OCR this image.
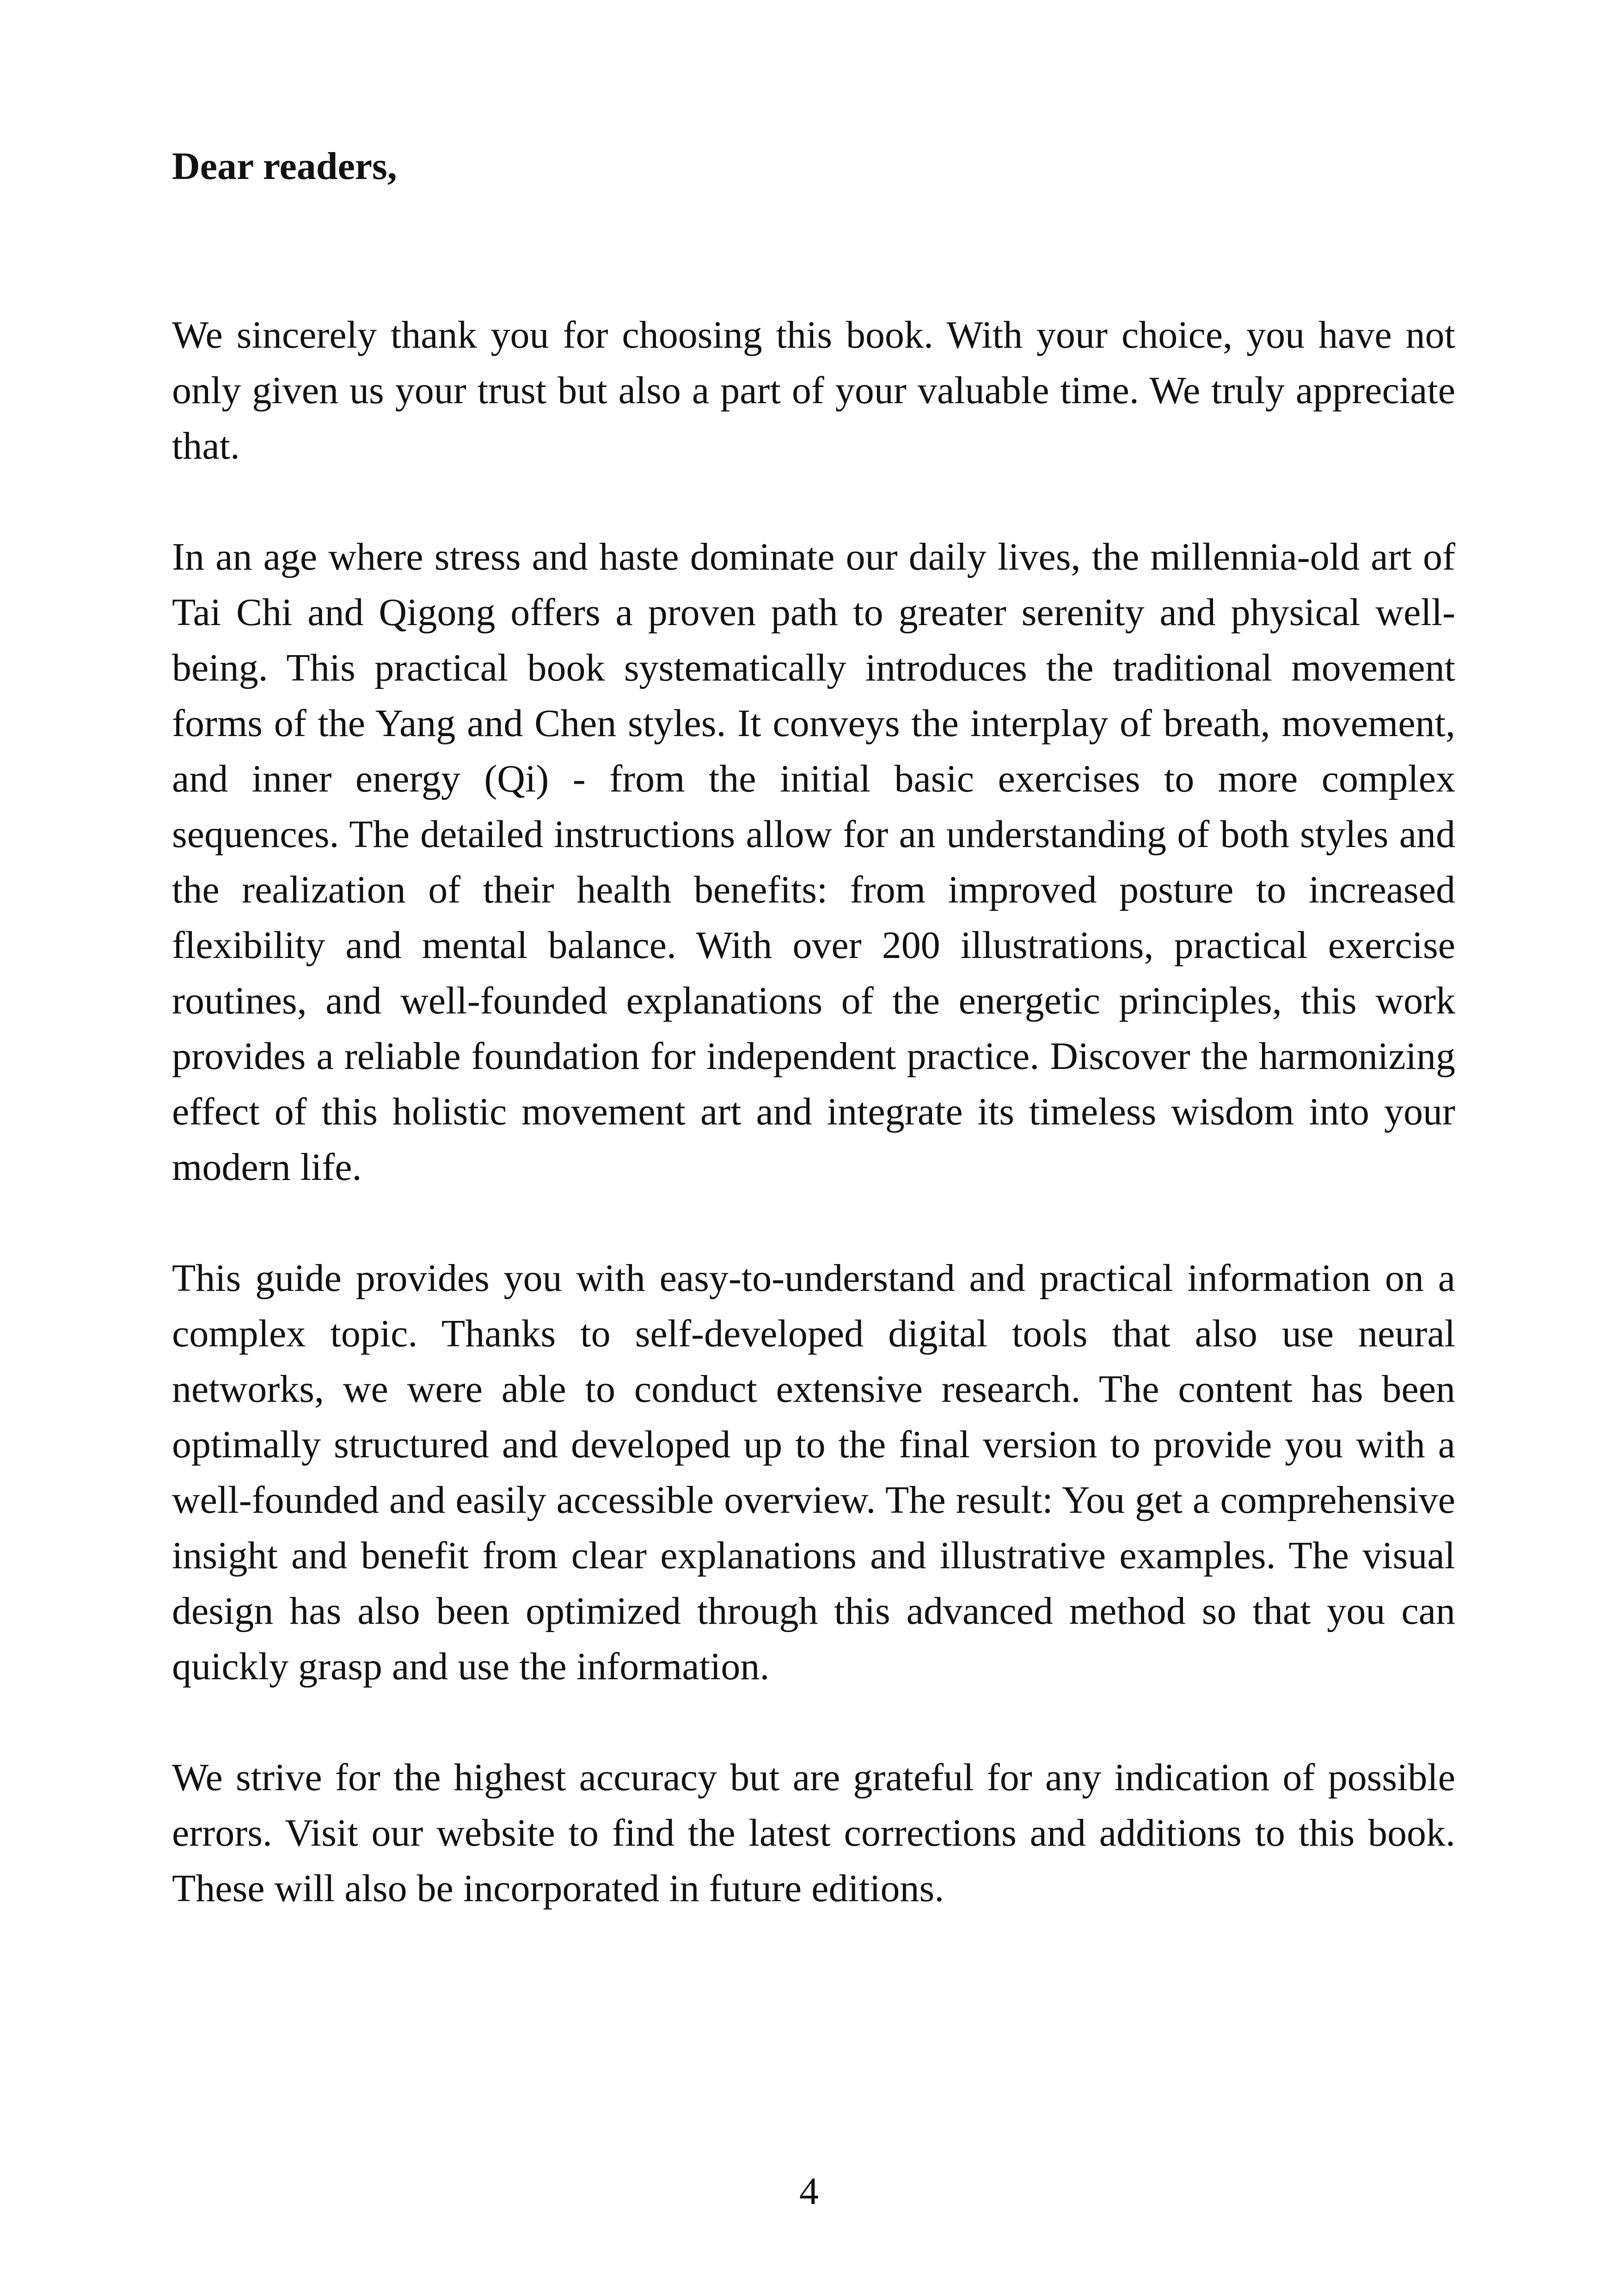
Dear readers,

We sincerely thank you for choosing this book. With your choice, you have not only given us your trust but also a part of your valuable time. We truly appreciate that.

In an age where stress and haste dominate our daily lives, the millennia-old art of Tai Chi and Qigong offers a proven path to greater serenity and physical well-being. This practical book systematically introduces the traditional movement forms of the Yang and Chen styles. It conveys the interplay of breath, movement, and inner energy (Qi) - from the initial basic exercises to more complex sequences. The detailed instructions allow for an understanding of both styles and the realization of their health benefits: from improved posture to increased flexibility and mental balance. With over 200 illustrations, practical exercise routines, and well-founded explanations of the energetic principles, this work provides a reliable foundation for independent practice. Discover the harmonizing effect of this holistic movement art and integrate its timeless wisdom into your modern life.

This guide provides you with easy-to-understand and practical information on a complex topic. Thanks to self-developed digital tools that also use neural networks, we were able to conduct extensive research. The content has been optimally structured and developed up to the final version to provide you with a well-founded and easily accessible overview. The result: You get a comprehensive insight and benefit from clear explanations and illustrative examples. The visual design has also been optimized through this advanced method so that you can quickly grasp and use the information.

We strive for the highest accuracy but are grateful for any indication of possible errors. Visit our website to find the latest corrections and additions to this book. These will also be incorporated in future editions.

4
